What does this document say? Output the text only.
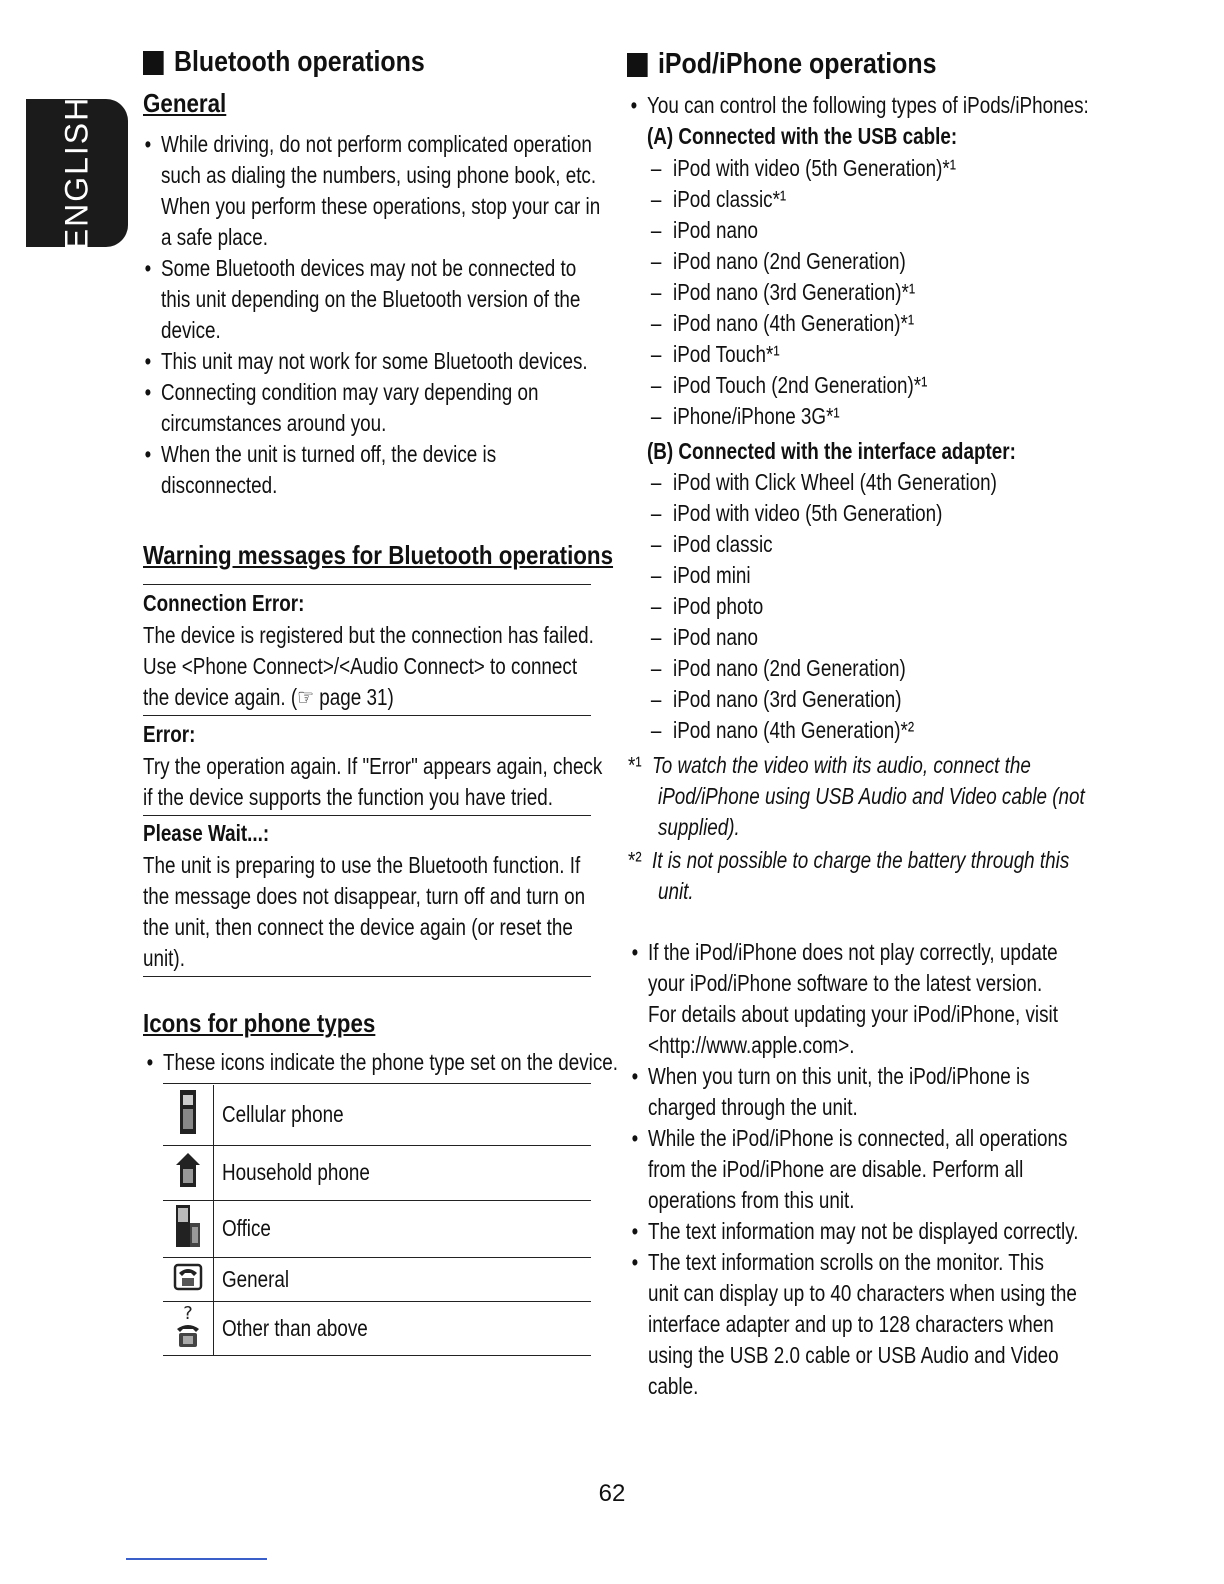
ENGLISH
Bluetooth operations
General
• While driving, do not perform complicated operation
such as dialing the numbers, using phone book, etc.
When you perform these operations, stop your car in
a safe place.
• Some Bluetooth devices may not be connected to
this unit depending on the Bluetooth version of the
device.
• This unit may not work for some Bluetooth devices.
• Connecting condition may vary depending on
circumstances around you.
• When the unit is turned off, the device is
disconnected.
Warning messages for Bluetooth operations
Connection Error:
The device is registered but the connection has failed.
Use <Phone Connect>/<Audio Connect> to connect
the device again. (☞ page 31)
Error:
Try the operation again. If "Error" appears again, check
if the device supports the function you have tried.
Please Wait...:
The unit is preparing to use the Bluetooth function. If
the message does not disappear, turn off and turn on
the unit, then connect the device again (or reset the
unit).
Icons for phone types
• These icons indicate the phone type set on the device.
	Cellular phone
	Household phone
	Office
	General

?	Other than above
iPod/iPhone operations
• You can control the following types of iPods/iPhones:
(A) Connected with the USB cable:
– iPod with video (5th Generation)*¹
– iPod classic*¹
– iPod nano
– iPod nano (2nd Generation)
– iPod nano (3rd Generation)*¹
– iPod nano (4th Generation)*¹
– iPod Touch*¹
– iPod Touch (2nd Generation)*¹
– iPhone/iPhone 3G*¹
(B) Connected with the interface adapter:
– iPod with Click Wheel (4th Generation)
– iPod with video (5th Generation)
– iPod classic
– iPod mini
– iPod photo
– iPod nano
– iPod nano (2nd Generation)
– iPod nano (3rd Generation)
– iPod nano (4th Generation)*²
*¹ To watch the video with its audio, connect the
iPod/iPhone using USB Audio and Video cable (not
supplied).
*² It is not possible to charge the battery through this
unit.
• If the iPod/iPhone does not play correctly, update
your iPod/iPhone software to the latest version.
For details about updating your iPod/iPhone, visit
<http://www.apple.com>.
• When you turn on this unit, the iPod/iPhone is
charged through the unit.
• While the iPod/iPhone is connected, all operations
from the iPod/iPhone are disable. Perform all
operations from this unit.
• The text information may not be displayed correctly.
• The text information scrolls on the monitor. This
unit can display up to 40 characters when using the
interface adapter and up to 128 characters when
using the USB 2.0 cable or USB Audio and Video
cable.
62
